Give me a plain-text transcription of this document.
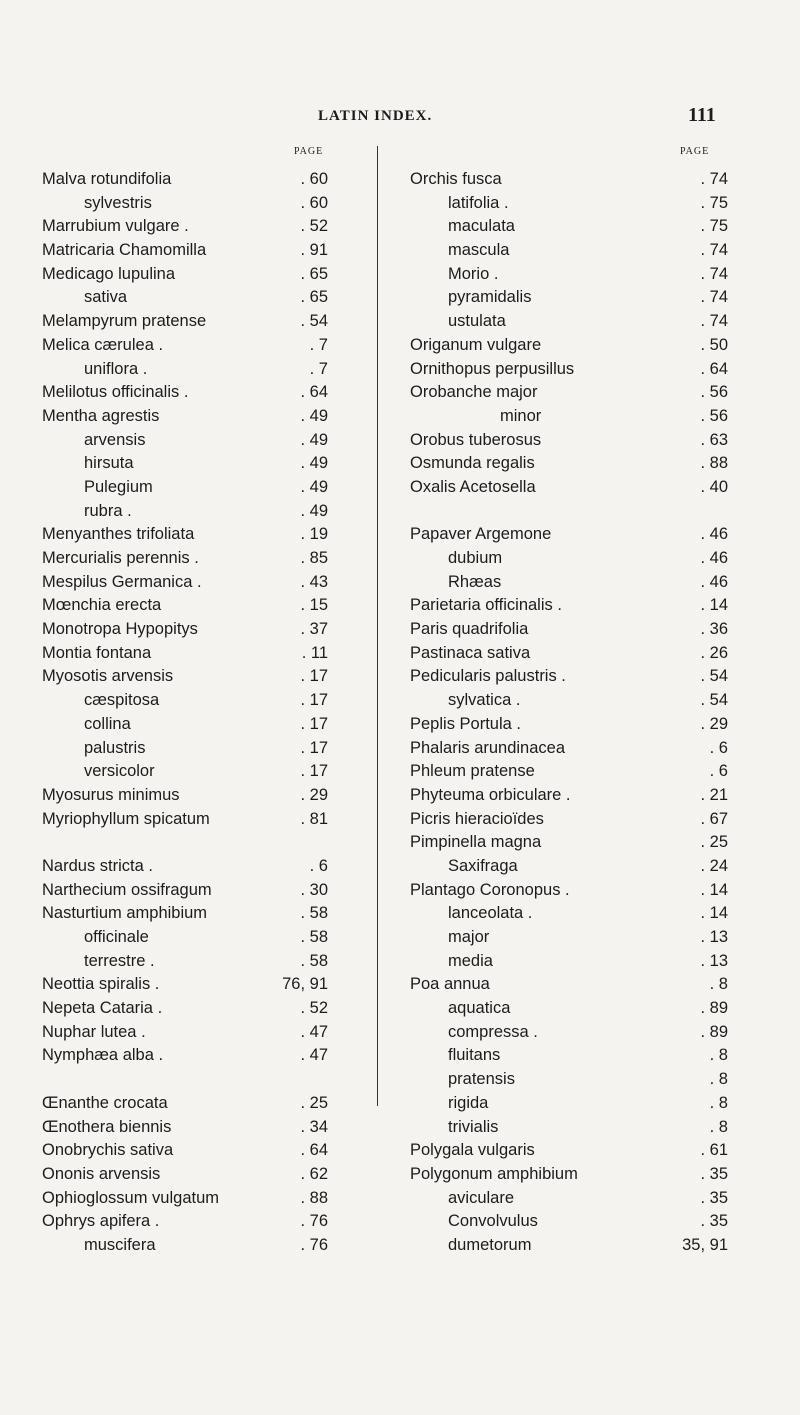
LATIN INDEX.	111
PAGE
Malva rotundifolia	. 60
sylvestris	. 60
Marrubium vulgare .	. 52
Matricaria Chamomilla	. 91
Medicago lupulina	. 65
sativa	. 65
Melampyrum pratense	. 54
Melica cærulea .	. 7
uniflora .	. 7
Melilotus officinalis .	. 64
Mentha agrestis	. 49
arvensis	. 49
hirsuta	. 49
Pulegium	. 49
rubra .	. 49
Menyanthes trifoliata	. 19
Mercurialis perennis .	. 85
Mespilus Germanica .	. 43
Mœnchia erecta	. 15
Monotropa Hypopitys	. 37
Montia fontana	. 11
Myosotis arvensis	. 17
cæspitosa	. 17
collina	. 17
palustris	. 17
versicolor	. 17
Myosurus minimus	. 29
Myriophyllum spicatum	. 81
Nardus stricta .	. 6
Narthecium ossifragum	. 30
Nasturtium amphibium	. 58
officinale	. 58
terrestre .	. 58
Neottia spiralis .	76, 91
Nepeta Cataria .	. 52
Nuphar lutea .	. 47
Nymphæa alba .	. 47
Œnanthe crocata	. 25
Œnothera biennis	. 34
Onobrychis sativa	. 64
Ononis arvensis	. 62
Ophioglossum vulgatum	. 88
Ophrys apifera .	. 76
muscifera	. 76
PAGE
Orchis fusca	. 74
latifolia .	. 75
maculata	. 75
mascula	. 74
Morio .	. 74
pyramidalis	. 74
ustulata	. 74
Origanum vulgare	. 50
Ornithopus perpusillus	. 64
Orobanche major	. 56
minor	. 56
Orobus tuberosus	. 63
Osmunda regalis	. 88
Oxalis Acetosella	. 40
Papaver Argemone	. 46
dubium	. 46
Rhæas	. 46
Parietaria officinalis .	. 14
Paris quadrifolia	. 36
Pastinaca sativa	. 26
Pedicularis palustris .	. 54
sylvatica .	. 54
Peplis Portula .	. 29
Phalaris arundinacea	. 6
Phleum pratense	. 6
Phyteuma orbiculare .	. 21
Picris hieracioïdes	. 67
Pimpinella magna	. 25
Saxifraga	. 24
Plantago Coronopus .	. 14
lanceolata .	. 14
major	. 13
media	. 13
Poa annua	. 8
aquatica	. 89
compressa .	. 89
fluitans	. 8
pratensis	. 8
rigida	. 8
trivialis	. 8
Polygala vulgaris	. 61
Polygonum amphibium	. 35
aviculare	. 35
Convolvulus	. 35
dumetorum	35, 91
